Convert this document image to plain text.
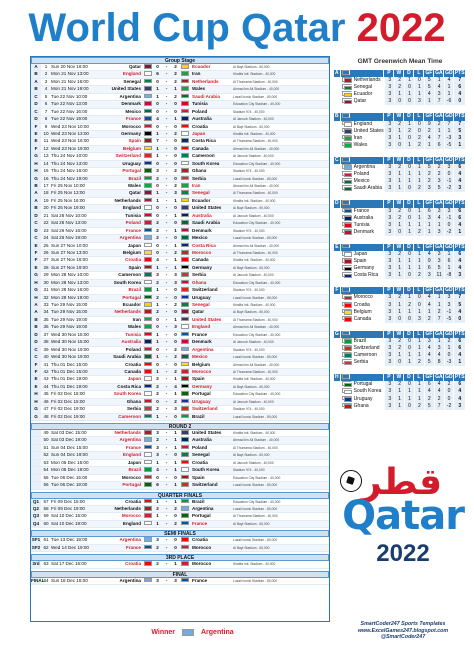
World Cup Qatar 2022
Group Stage
A	1 Sun 20 Nov 16:00	Qatar	0	-	2	Ecuador	Al Bayt Stadium - 60,000
B	2 Mon 21 Nov 13:00	England	6	-	2	Iran	Khalifa Intl. Stadium - 40,000
A	3 Mon 21 Nov 16:00	Senegal	0	-	2	Netherlands	Al Thumama Stadium - 40,000
B	4 Mon 21 Nov 19:00	United States	1	-	1	Wales	Ahmad bin Ali Stadium - 40,000
C	5 Tue 22 Nov 10:00	Argentina	1	-	2	Saudi Arabia	Lusail Iconic Stadium - 80,000
D	6 Tue 22 Nov 13:00	Denmark	0	-	0	Tunisia	Education City Stadium - 40,000
C	7 Tue 22 Nov 16:00	Mexico	0	-	0	Poland	Stadium 974 - 40,000
D	8 Tue 22 Nov 19:00	France	4	-	1	Australia	Al Janoub Stadium - 40,000
F	9 Wed 23 Nov 10:00	Morocco	0	-	0	Croatia	Al Bayt Stadium - 60,000
E	10 Wed 23 Nov 13:00	Germany	1	-	2	Japan	Khalifa Intl. Stadium - 40,000
E	11 Wed 23 Nov 16:00	Spain	7	-	0	Costa Rica	Al Thumama Stadium - 40,000
F	12 Wed 23 Nov 19:00	Belgium	1	-	0	Canada	Ahmad bin Ali Stadium - 40,000
G	13 Thu 24 Nov 10:00	Switzerland	1	-	0	Cameroon	Al Janoub Stadium - 40,000
H	14 Thu 24 Nov 13:00	Uruguay	0	-	0	South Korea	Education City Stadium - 40,000
H	15 Thu 24 Nov 16:00	Portugal	3	-	2	Ghana	Stadium 974 - 40,000
G	16 Thu 24 Nov 19:00	Brazil	2	-	0	Serbia	Lusail Iconic Stadium - 80,000
B	17 Fri 25 Nov 10:00	Wales	0	-	2	Iran	Ahmad bin Ali Stadium - 40,000
A	18 Fri 25 Nov 13:00	Qatar	1	-	3	Senegal	Al Thumama Stadium - 40,000
A	19 Fri 25 Nov 16:00	Netherlands	1	-	1	Ecuador	Khalifa Intl. Stadium - 40,000
B	20 Fri 25 Nov 19:00	England	0	-	0	United States	Al Bayt Stadium - 60,000
D	21 Sat 26 Nov 10:00	Tunisia	0	-	1	Australia	Al Janoub Stadium - 40,000
C	22 Sat 26 Nov 13:00	Poland	2	-	0	Saudi Arabia	Education City Stadium - 40,000
D	23 Sat 26 Nov 16:00	France	2	-	1	Denmark	Stadium 974 - 40,000
C	24 Sat 26 Nov 19:00	Argentina	2	-	0	Mexico	Lusail Iconic Stadium - 80,000
E	25 Sun 27 Nov 10:00	Japan	0	-	1	Costa Rica	Ahmad bin Ali Stadium - 40,000
F	26 Sun 27 Nov 13:00	Belgium	0	-	2	Morocco	Al Thumama Stadium - 40,000
F	27 Sun 27 Nov 16:00	Croatia	4	-	1	Canada	Khalifa Intl. Stadium - 40,000
E	28 Sun 27 Nov 19:00	Spain	1	-	1	Germany	Al Bayt Stadium - 60,000
G	29 Mon 28 Nov 10:00	Cameroon	3	-	3	Serbia	Al Janoub Stadium - 40,000
H	30 Mon 28 Nov 13:00	South Korea	2	-	3	Ghana	Education City Stadium - 40,000
G	31 Mon 28 Nov 16:00	Brazil	1	-	0	Switzerland	Stadium 974 - 40,000
H	32 Mon 28 Nov 19:00	Portugal	2	-	0	Uruguay	Lusail Iconic Stadium - 80,000
A	33 Tue 29 Nov 15:00	Ecuador	1	-	2	Senegal	Khalifa Intl. Stadium - 40,000
A	34 Tue 29 Nov 15:00	Netherlands	2	-	0	Qatar	Al Bayt Stadium - 60,000
B	35 Tue 29 Nov 19:00	Iran	0	-	1	United States	Al Thumama Stadium - 40,000
B	36 Tue 29 Nov 19:00	Wales	0	-	3	England	Ahmad bin Ali Stadium - 40,000
D	37 Wed 30 Nov 15:00	Tunisia	1	-	0	France	Education City Stadium - 40,000
D	38 Wed 30 Nov 15:00	Australia	1	-	0	Denmark	Al Janoub Stadium - 40,000
C	39 Wed 30 Nov 19:00	Poland	0	-	2	Argentina	Stadium 974 - 40,000
C	40 Wed 30 Nov 19:00	Saudi Arabia	1	-	2	Mexico	Lusail Iconic Stadium - 80,000
F	41 Thu 01 Dec 15:00	Croatia	0	-	0	Belgium	Ahmad bin Ali Stadium - 40,000
F	42 Thu 01 Dec 15:00	Canada	1	-	2	Morocco	Al Thumama Stadium - 40,000
E	43 Thu 01 Dec 19:00	Japan	2	-	1	Spain	Khalifa Intl. Stadium - 40,000
E	44 Thu 01 Dec 19:00	Costa Rica	2	-	4	Germany	Al Bayt Stadium - 60,000
H	45 Fri 02 Dec 15:00	South Korea	2	-	1	Portugal	Education City Stadium - 40,000
H	46 Fri 02 Dec 15:00	Ghana	0	-	2	Uruguay	Al Janoub Stadium - 40,000
G	47 Fri 02 Dec 19:00	Serbia	2	-	3	Switzerland	Stadium 974 - 40,000
G	48 Fri 02 Dec 19:00	Cameroon	1	-	0	Brazil	Lusail Iconic Stadium - 80,000
ROUND 2
49 Sat 03 Dec 15:00	Netherlands	3	-	1	United States	Khalifa Intl. Stadium - 40,000
50 Sat 03 Dec 19:00	Argentina	2	-	1	Australia	Ahmad bin Ali Stadium - 40,000
51 Sun 04 Dec 15:00	France	3	-	1	Poland	Al Thumama Stadium - 40,000
52 Sun 04 Dec 19:00	England	3	-	0	Senegal	Al Bayt Stadium - 60,000
53 Mon 05 Dec 15:00	Japan	1	-	1	Croatia	Al Janoub Stadium - 40,000
54 Mon 05 Dec 19:00	Brazil	4	-	1	South Korea	Stadium 974 - 40,000
55 Tue 06 Dec 15:00	Morocco	0	-	0	Spain	Education City Stadium - 40,000
56 Tue 06 Dec 19:00	Portugal	6	-	1	Switzerland	Lusail Iconic Stadium - 80,000
QUARTER FINALS
Q1 57 Fri 09 Dec 15:00	Croatia	1	-	1	Brazil	Education City Stadium - 40,000
Q2 58 Fri 09 Dec 19:00	Netherlands	2	-	2	Argentina	Lusail Iconic Stadium - 80,000
Q3 59 Sat 10 Dec 15:00	Morocco	1	-	0	Portugal	Al Thumama Stadium - 40,000
Q4 60 Sat 10 Dec 19:00	England	1	-	2	France	Al Bayt Stadium - 60,000
SEMI FINALS
SF1 61 Tue 13 Dec 19:00	Argentina	3	-	0	Croatia	Lusail Iconic Stadium - 80,000
SF2 62 Wed 14 Dec 19:00	France	2	-	0	Morocco	Al Bayt Stadium - 60,000
3RD PLACE
3rd 63 Sat 17 Dec 15:00	Croatia	2	-	1	Morocco	Khalifa Intl. Stadium - 40,000
FINAL
FINAL
64 Sun 18 Dec 15:00	Argentina	3	-	3	France	Lusail Iconic Stadium - 80,000
Winner	Argentina
GMT Greenwich Mean Time
A	P	W	D	L GF GA GD PTS
Netherlands	3	2	1	0	5	1	4	7
Senegal	3	2	0	1	5	4	1	6
Ecuador	3	1	1	1	4	3	1	4
Qatar	3	0	0	3	1	7	-6	0
B	P	W	D	L GF GA GD PTS
England	3	2	1	0	9	2	7	7
United States 3	1	2	0	2	1	1	5
Iran	3	1	0	2	4	7	-3	3
Wales	3	0	1	2	1	6	-5	1
C	P	W	D	L GF GA GD PTS
Argentina	3	2	0	1	5	2	3	6
Poland	3	1	1	1	2	2	0	4
Mexico	3	1	1	1	2	3	-1	4
Saudi Arabia	3	1	0	2	3	5	-2	3
D	P	W	D	L GF GA GD PTS
France	3	2	0	1	6	3	3	6
Australia	3	2	0	1	3	4	-1	6
Tunisia	3	1	1	1	1	1	0	4
Denmark	3	0	1	2	1	3	-2	1
E	P	W	D	L GF GA GD PTS
Japan	3	2	0	1	4	3	1	6
Spain	3	1	1	1	9	3	6	4
Germany	3	1	1	1	6	5	1	4
Costa Rica	3	1	0	2	3	11	-8	3
F	P	W	D	L GF GA GD PTS
Morocco	3	2	1	0	4	1	3	7
Croatia	3	1	2	0	4	1	3	5
Belgium	3	1	1	1	1	2	-1	4
Canada	3	0	0	3	2	7	-5	0
G	P	W	D	L GF GA GD PTS
Brazil	3	2	0	1	3	1	2	6
Switzerland	3	2	0	1	4	3	1	6
Cameroon	3	1	1	1	4	4	0	4
Serbia	3	0	1	2	5	8	-3	1
H	P	W	D	L GF GA GD PTS
Portugal	3	2	0	1	6	4	2	6
South Korea	3	1	1	1	4	4	0	4
Uruguay	3	1	1	1	2	2	0	4
Ghana	3	1	0	2	5	7	-2	3
قطر
Qatar
2022
SmartCoder247 Sports Templates
www.ExcelGames247.blogspot.com @SmartCoder247
